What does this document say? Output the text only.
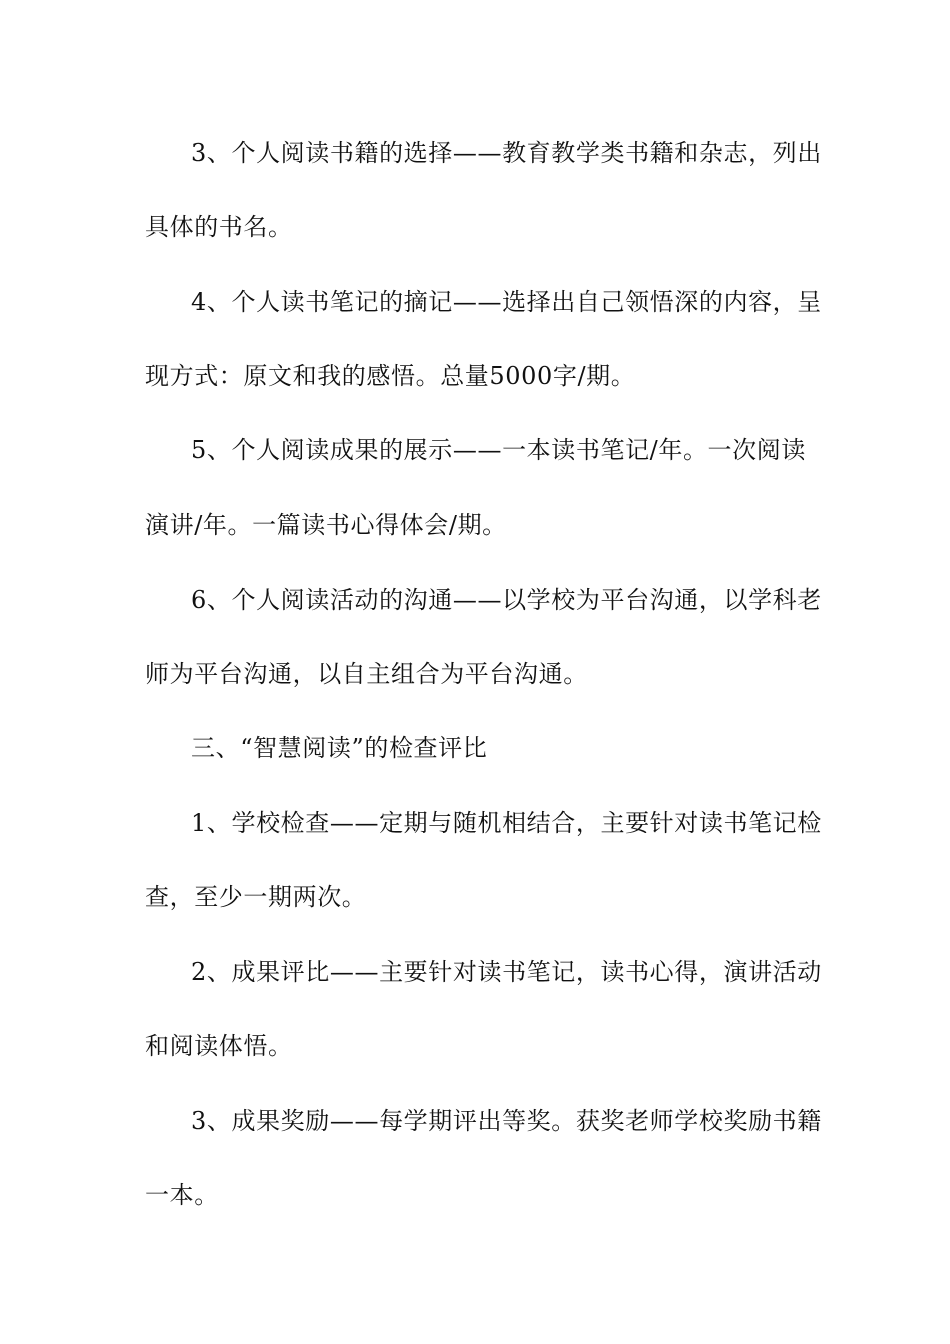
3、个人阅读书籍的选择——教育教学类书籍和杂志，列出
具体的书名。
4、个人读书笔记的摘记——选择出自己领悟深的内容，呈
现方式：原文和我的感悟。总量5000字/期。
5、个人阅读成果的展示——一本读书笔记/年。一次阅读
演讲/年。一篇读书心得体会/期。
6、个人阅读活动的沟通——以学校为平台沟通，以学科老
师为平台沟通，以自主组合为平台沟通。
三、“智慧阅读”的检查评比
1、学校检查——定期与随机相结合，主要针对读书笔记检
查，至少一期两次。
2、成果评比——主要针对读书笔记，读书心得，演讲活动
和阅读体悟。
3、成果奖励——每学期评出等奖。获奖老师学校奖励书籍
一本。
